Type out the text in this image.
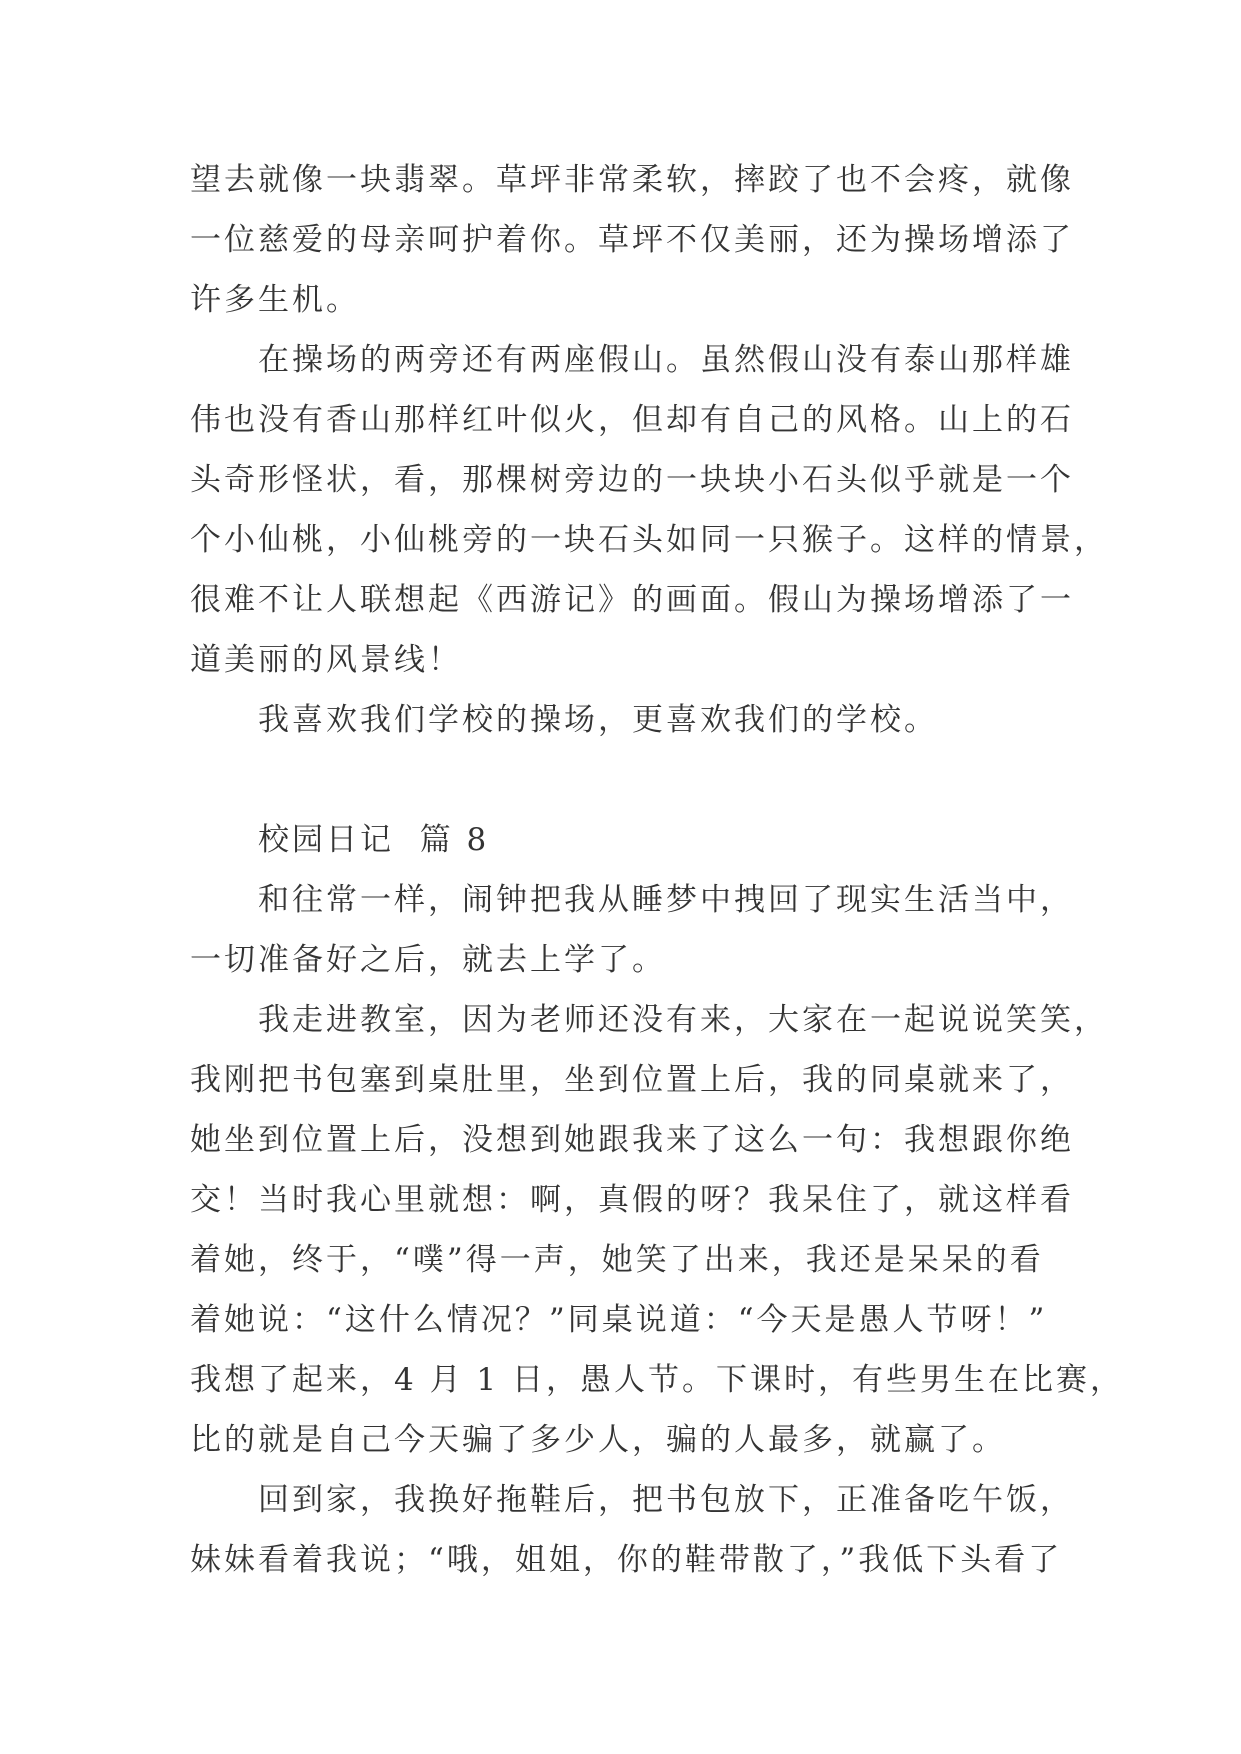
望去就像一块翡翠。草坪非常柔软，摔跤了也不会疼，就像
一位慈爱的母亲呵护着你。草坪不仅美丽，还为操场增添了
许多生机。
在操场的两旁还有两座假山。虽然假山没有泰山那样雄
伟也没有香山那样红叶似火，但却有自己的风格。山上的石
头奇形怪状，看，那棵树旁边的一块块小石头似乎就是一个
个小仙桃，小仙桃旁的一块石头如同一只猴子。这样的情景，
很难不让人联想起《西游记》的画面。假山为操场增添了一
道美丽的风景线！
我喜欢我们学校的操场，更喜欢我们的学校。
校园日记  篇 8
和往常一样，闹钟把我从睡梦中拽回了现实生活当中，
一切准备好之后，就去上学了。
我走进教室，因为老师还没有来，大家在一起说说笑笑，
我刚把书包塞到桌肚里，坐到位置上后，我的同桌就来了，
她坐到位置上后，没想到她跟我来了这么一句：我想跟你绝
交！当时我心里就想：啊，真假的呀？我呆住了，就这样看
着她，终于，“噗”得一声，她笑了出来，我还是呆呆的看
着她说：“这什么情况？”同桌说道：“今天是愚人节呀！”
我想了起来，4 月 1 日，愚人节。下课时，有些男生在比赛，
比的就是自己今天骗了多少人，骗的人最多，就赢了。
回到家，我换好拖鞋后，把书包放下，正准备吃午饭，
妹妹看着我说；“哦，姐姐，你的鞋带散了，”我低下头看了
